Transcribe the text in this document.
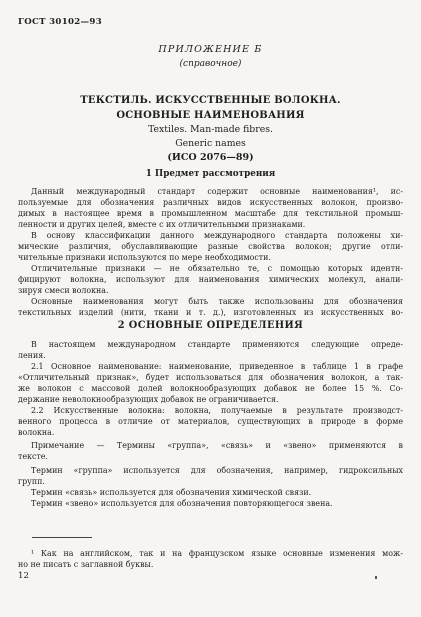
ГОСТ 30102—93
ПРИЛОЖЕНИЕ Б
(справочное)
ТЕКСТИЛЬ. ИСКУССТВЕННЫЕ ВОЛОКНА.
ОСНОВНЫЕ НАИМЕНОВАНИЯ
Textiles. Man-made fibres.
Generic names
(ИСО 2076—89)
1 Предмет рассмотрения
Данный международный стандарт содержит основные наименования¹, ис-
пользуемые для обозначения различных видов искусственных волокон, произво-
димых в настоящее время в промышленном масштабе для текстильной промыш-
ленности и других целей, вместе с их отличительными признаками.
В основу классификации данного международного стандарта положены хи-
мические различия, обуславливающие разные свойства волокон; другие отли-
чительные признаки используются по мере необходимости.
Отличительные признаки — не обязательно те, с помощью которых идентн-
фицируют волокна, используют для наименования химических молекул, анали-
зируя смеси волокна.
Основные наименования могут быть также использованы для обозначения
текстильных изделий (нити, ткани и т. д.), изготовленных из искусственных во-
2 ОСНОВНЫЕ ОПРЕДЕЛЕНИЯ
В настоящем международном стандарте применяются следующие опреде-
ления.
2.1 Основное наименование: наименование, приведенное в таблице 1 в графе
«Отличительный признак», будет использоваться для обозначения волокон, а так-
же волокон с массовой долей волокнообразующих добавок не более 15 %. Со-
держание неволокнообразующих добавок не ограничивается.
2.2 Искусственные волокна: волокна, получаемые в результате производст-
венного процесса в отличие от материалов, существующих в природе в форме
волокна.
Примечание — Термины «группа», «связь» и «звено» применяются в
тексте.
Термин «группа» используется для обозначения, например, гидроксильных
групп.
Термин «связь» используется для обозначения химической связи.
Термин «звено» используется для обозначения повторяющегося звена.
¹ Как на английском, так и на французском языке основные изменения мож-
но не писать с заглавной буквы.
12
